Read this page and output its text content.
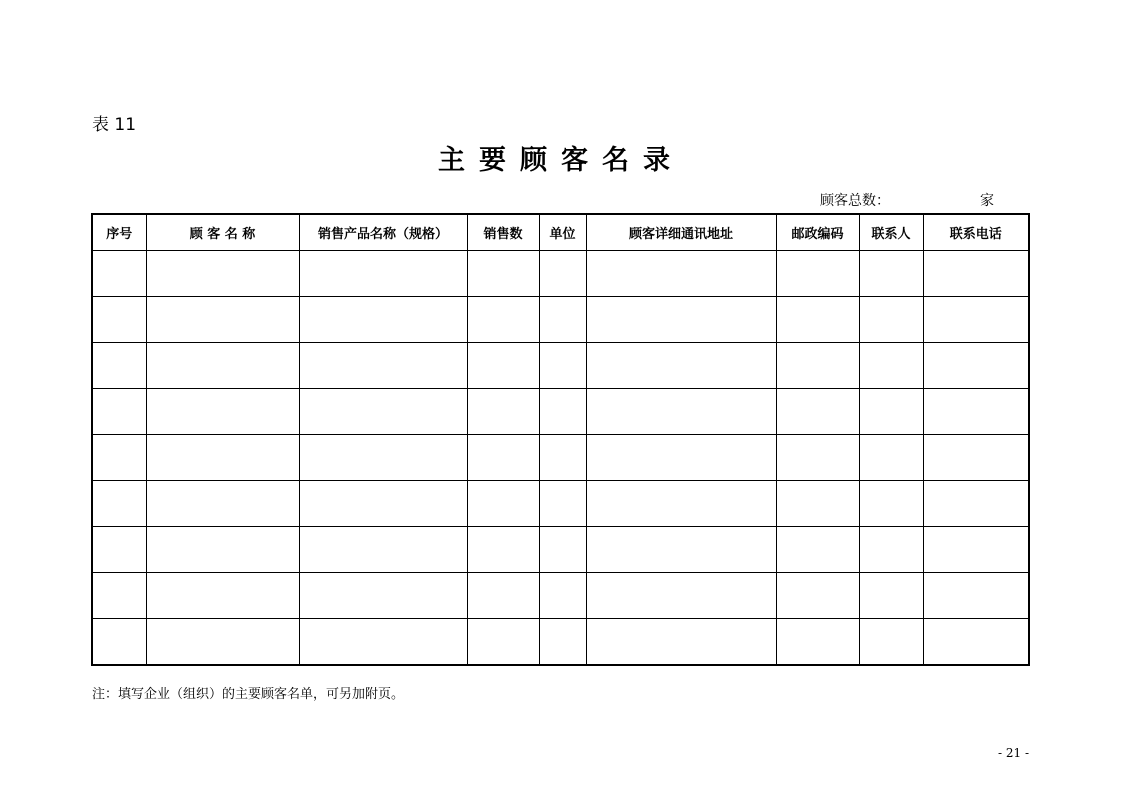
表 11
主要顾客名录
顾客总数：	家
序号	顾 客 名 称	销售产品名称（规格）	销售数	单位	顾客详细通讯地址	邮政编码	联系人	联系电话

注：填写企业（组织）的主要顾客名单，可另加附页。
- 21 -
